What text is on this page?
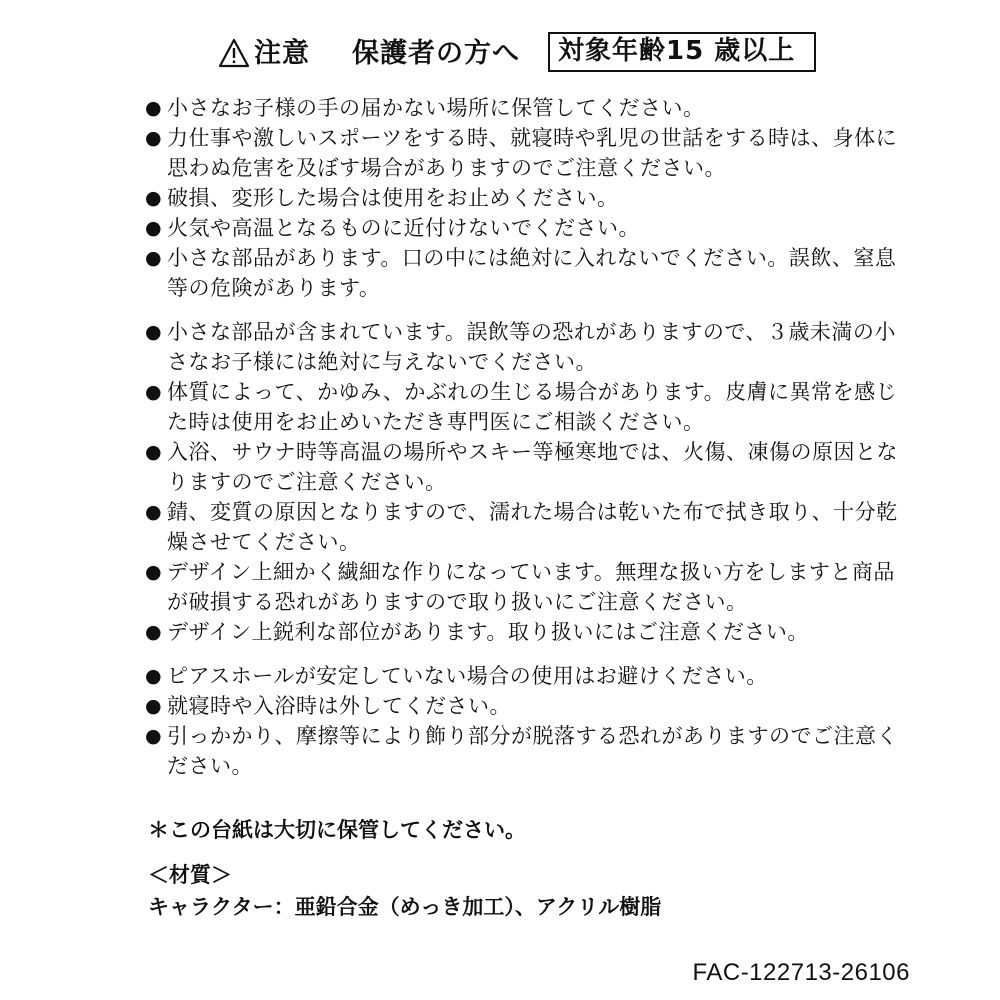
注意 保護者の方へ	対象年齢15 歳以上
● 小さなお子様の手の届かない場所に保管してください。
● 力仕事や激しいスポーツをする時、就寝時や乳児の世話をする時は、身体に思わぬ危害を及ぼす場合がありますのでご注意ください。
● 破損、変形した場合は使用をお止めください。
● 火気や高温となるものに近付けないでください。
● 小さな部品があります。口の中には絶対に入れないでください。誤飲、窒息等の危険があります。
● 小さな部品が含まれています。誤飲等の恐れがありますので、３歳未満の小さなお子様には絶対に与えないでください。
● 体質によって、かゆみ、かぶれの生じる場合があります。皮膚に異常を感じた時は使用をお止めいただき専門医にご相談ください。
● 入浴、サウナ時等高温の場所やスキー等極寒地では、火傷、凍傷の原因となりますのでご注意ください。
● 錆、変質の原因となりますので、濡れた場合は乾いた布で拭き取り、十分乾燥させてください。
● デザイン上細かく繊細な作りになっています。無理な扱い方をしますと商品が破損する恐れがありますので取り扱いにご注意ください。
● デザイン上鋭利な部位があります。取り扱いにはご注意ください。
● ピアスホールが安定していない場合の使用はお避けください。
● 就寝時や入浴時は外してください。
● 引っかかり、摩擦等により飾り部分が脱落する恐れがありますのでご注意ください。
＊この台紙は大切に保管してください。
＜材質＞
キャラクター：亜鉛合金（めっき加工）、アクリル樹脂
FAC-122713-26106
